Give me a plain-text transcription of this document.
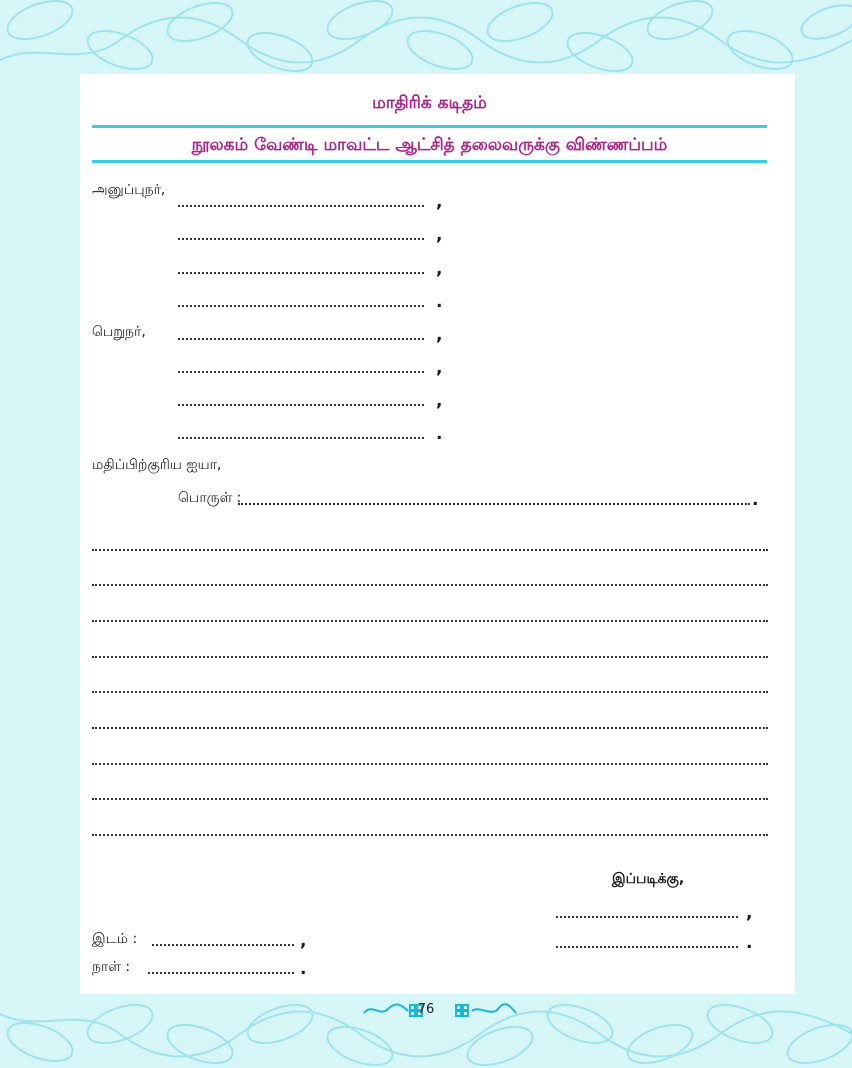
மாதிரிக் கடிதம்
நூலகம் வேண்டி மாவட்ட ஆட்சித் தலைவருக்கு விண்ணப்பம்
அனுப்புநர்,
,
,
,
.
பெறுநர்,	,
,
,
.
மதிப்பிற்குரிய ஐயா,
பொருள் :	.
இப்படிக்கு,
,
.
இடம் :	,
நாள் :	.
76
